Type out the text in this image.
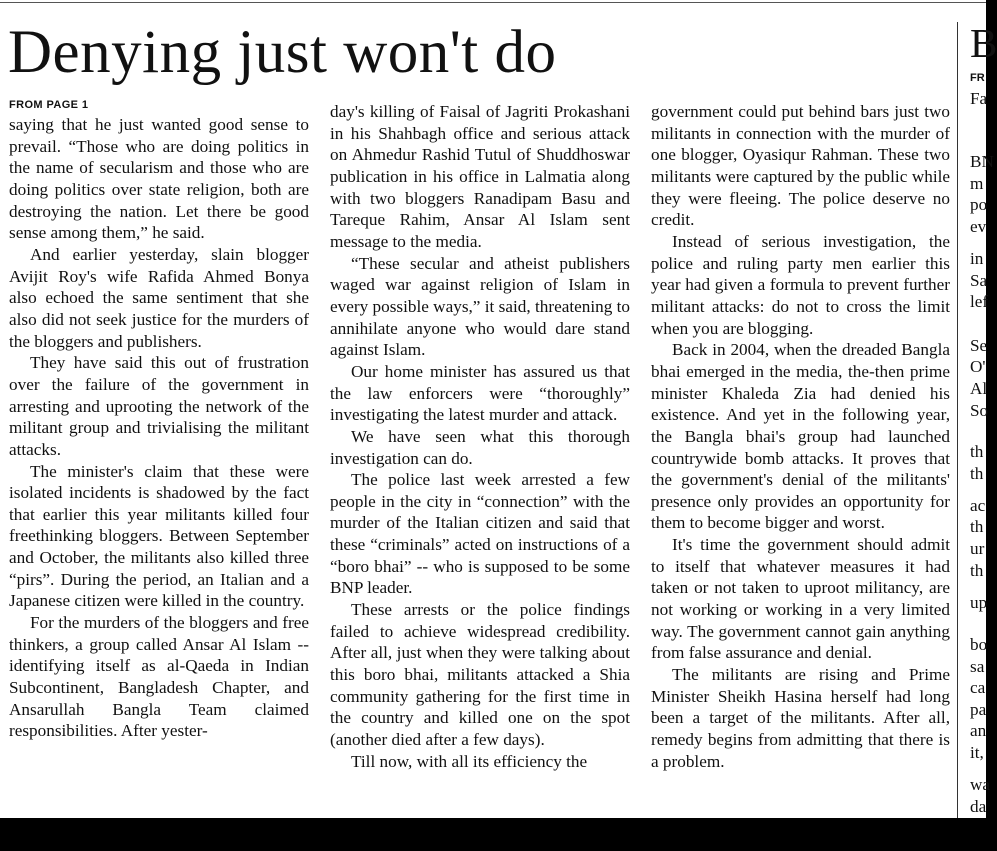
Denying just won't do
FROM PAGE 1

saying that he just wanted good sense to prevail. “Those who are doing politics in the name of secularism and those who are doing politics over state religion, both are destroying the nation. Let there be good sense among them,” he said.

And earlier yesterday, slain blogger Avijit Roy's wife Rafida Ahmed Bonya also echoed the same sentiment that she also did not seek justice for the murders of the bloggers and publishers.

They have said this out of frustration over the failure of the government in arresting and uprooting the network of the militant group and trivialising the militant attacks.

The minister's claim that these were isolated incidents is shadowed by the fact that earlier this year militants killed four freethinking bloggers. Between September and October, the militants also killed three “pirs”. During the period, an Italian and a Japanese citizen were killed in the country.

For the murders of the bloggers and free thinkers, a group called Ansar Al Islam -- identifying itself as al-Qaeda in Indian Subcontinent, Bangladesh Chapter, and Ansarullah Bangla Team claimed responsibilities. After yester-

day's killing of Faisal of Jagriti Prokashani in his Shahbagh office and serious attack on Ahmedur Rashid Tutul of Shuddhoswar publication in his office in Lalmatia along with two bloggers Ranadipam Basu and Tareque Rahim, Ansar Al Islam sent message to the media.

“These secular and atheist publishers waged war against religion of Islam in every possible ways,” it said, threatening to annihilate anyone who would dare stand against Islam.

Our home minister has assured us that the law enforcers were “thoroughly” investigating the latest murder and attack.

We have seen what this thorough investigation can do.

The police last week arrested a few people in the city in “connection” with the murder of the Italian citizen and said that these “criminals” acted on instructions of a “boro bhai” -- who is supposed to be some BNP leader.

These arrests or the police findings failed to achieve widespread credibility. After all, just when they were talking about this boro bhai, militants attacked a Shia community gathering for the first time in the country and killed one on the spot (another died after a few days).

Till now, with all its efficiency the

government could put behind bars just two militants in connection with the murder of one blogger, Oyasiqur Rahman. These two militants were captured by the public while they were fleeing. The police deserve no credit.

Instead of serious investigation, the police and ruling party men earlier this year had given a formula to prevent further militant attacks: do not to cross the limit when you are blogging.

Back in 2004, when the dreaded Bangla bhai emerged in the media, the-then prime minister Khaleda Zia had denied his existence. And yet in the following year, the Bangla bhai's group had launched countrywide bomb attacks. It proves that the government's denial of the militants' presence only provides an opportunity for them to become bigger and worst.

It's time the government should admit to itself that whatever measures it had taken or not taken to uproot militancy, are not working or working in a very limited way. The government cannot gain anything from false assurance and denial.

The militants are rising and Prime Minister Sheikh Hasina herself had long been a target of the militants. After all, remedy begins from admitting that there is a problem.

B
FR
Fa
BN
m
po
ev
in
Sa
lef
Se
O'
Al
So
th
th
ac
th
ur
th
up
bo
sa
ca
pa
an
it,
wa
da
